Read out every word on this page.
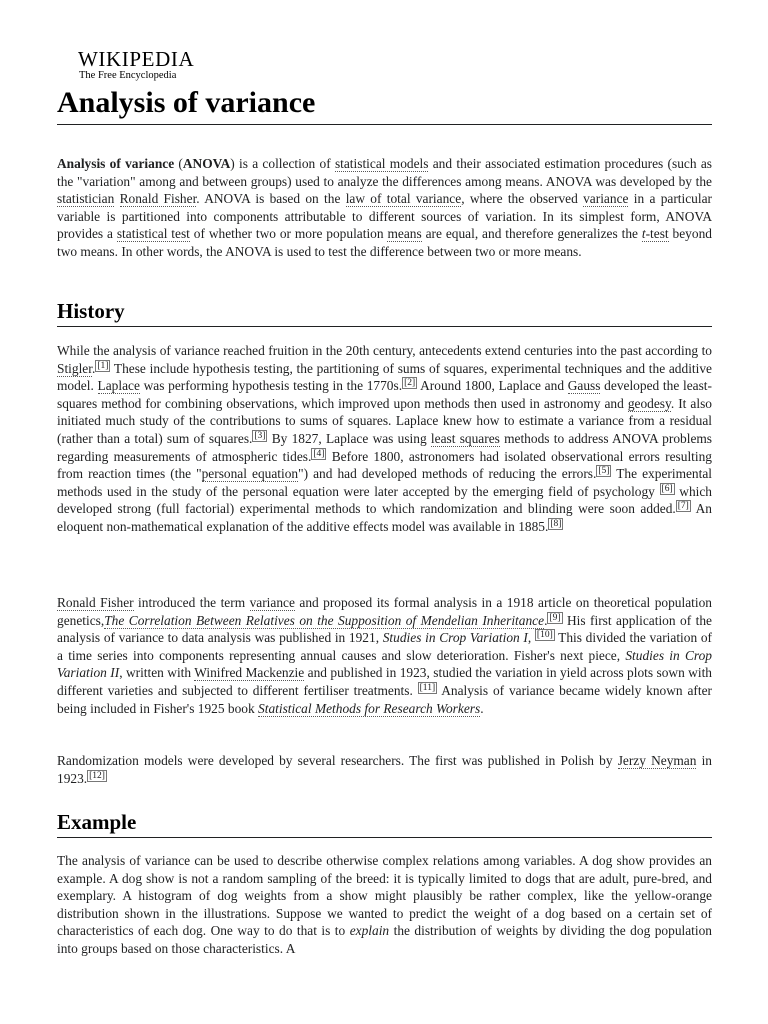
WIKIPEDIA
The Free Encyclopedia
Analysis of variance

Analysis of variance (ANOVA) is a collection of statistical models and their associated estimation procedures (such as the "variation" among and between groups) used to analyze the differences among means. ANOVA was developed by the statistician Ronald Fisher. ANOVA is based on the law of total variance, where the observed variance in a particular variable is partitioned into components attributable to different sources of variation. In its simplest form, ANOVA provides a statistical test of whether two or more population means are equal, and therefore generalizes the t-test beyond two means. In other words, the ANOVA is used to test the difference between two or more means.

History

While the analysis of variance reached fruition in the 20th century, antecedents extend centuries into the past according to Stigler. [1] These include hypothesis testing, the partitioning of sums of squares, experimental techniques and the additive model. Laplace was performing hypothesis testing in the 1770s. [2] Around 1800, Laplace and Gauss developed the least-squares method for combining observations, which improved upon methods then used in astronomy and geodesy. It also initiated much study of the contributions to sums of squares. Laplace knew how to estimate a variance from a residual (rather than a total) sum of squares. [3] By 1827, Laplace was using least squares methods to address ANOVA problems regarding measurements of atmospheric tides. [4] Before 1800, astronomers had isolated observational errors resulting from reaction times (the "personal equation") and had developed methods of reducing the errors. [5] The experimental methods used in the study of the personal equation were later accepted by the emerging field of psychology [6] which developed strong (full factorial) experimental methods to which randomization and blinding were soon added. [7] An eloquent non-mathematical explanation of the additive effects model was available in 1885. [8]

Ronald Fisher introduced the term variance and proposed its formal analysis in a 1918 article on theoretical population genetics,The Correlation Between Relatives on the Supposition of Mendelian Inheritance. [9] His first application of the analysis of variance to data analysis was published in 1921, Studies in Crop Variation I, [10] This divided the variation of a time series into components representing annual causes and slow deterioration. Fisher's next piece, Studies in Crop Variation II, written with Winifred Mackenzie and published in 1923, studied the variation in yield across plots sown with different varieties and subjected to different fertiliser treatments. [11] Analysis of variance became widely known after being included in Fisher's 1925 book Statistical Methods for Research Workers.

Randomization models were developed by several researchers. The first was published in Polish by Jerzy Neyman in 1923. [12]

Example

The analysis of variance can be used to describe otherwise complex relations among variables. A dog show provides an example. A dog show is not a random sampling of the breed: it is typically limited to dogs that are adult, pure-bred, and exemplary. A histogram of dog weights from a show might plausibly be rather complex, like the yellow-orange distribution shown in the illustrations. Suppose we wanted to predict the weight of a dog based on a certain set of characteristics of each dog. One way to do that is to explain the distribution of weights by dividing the dog population into groups based on those characteristics. A
